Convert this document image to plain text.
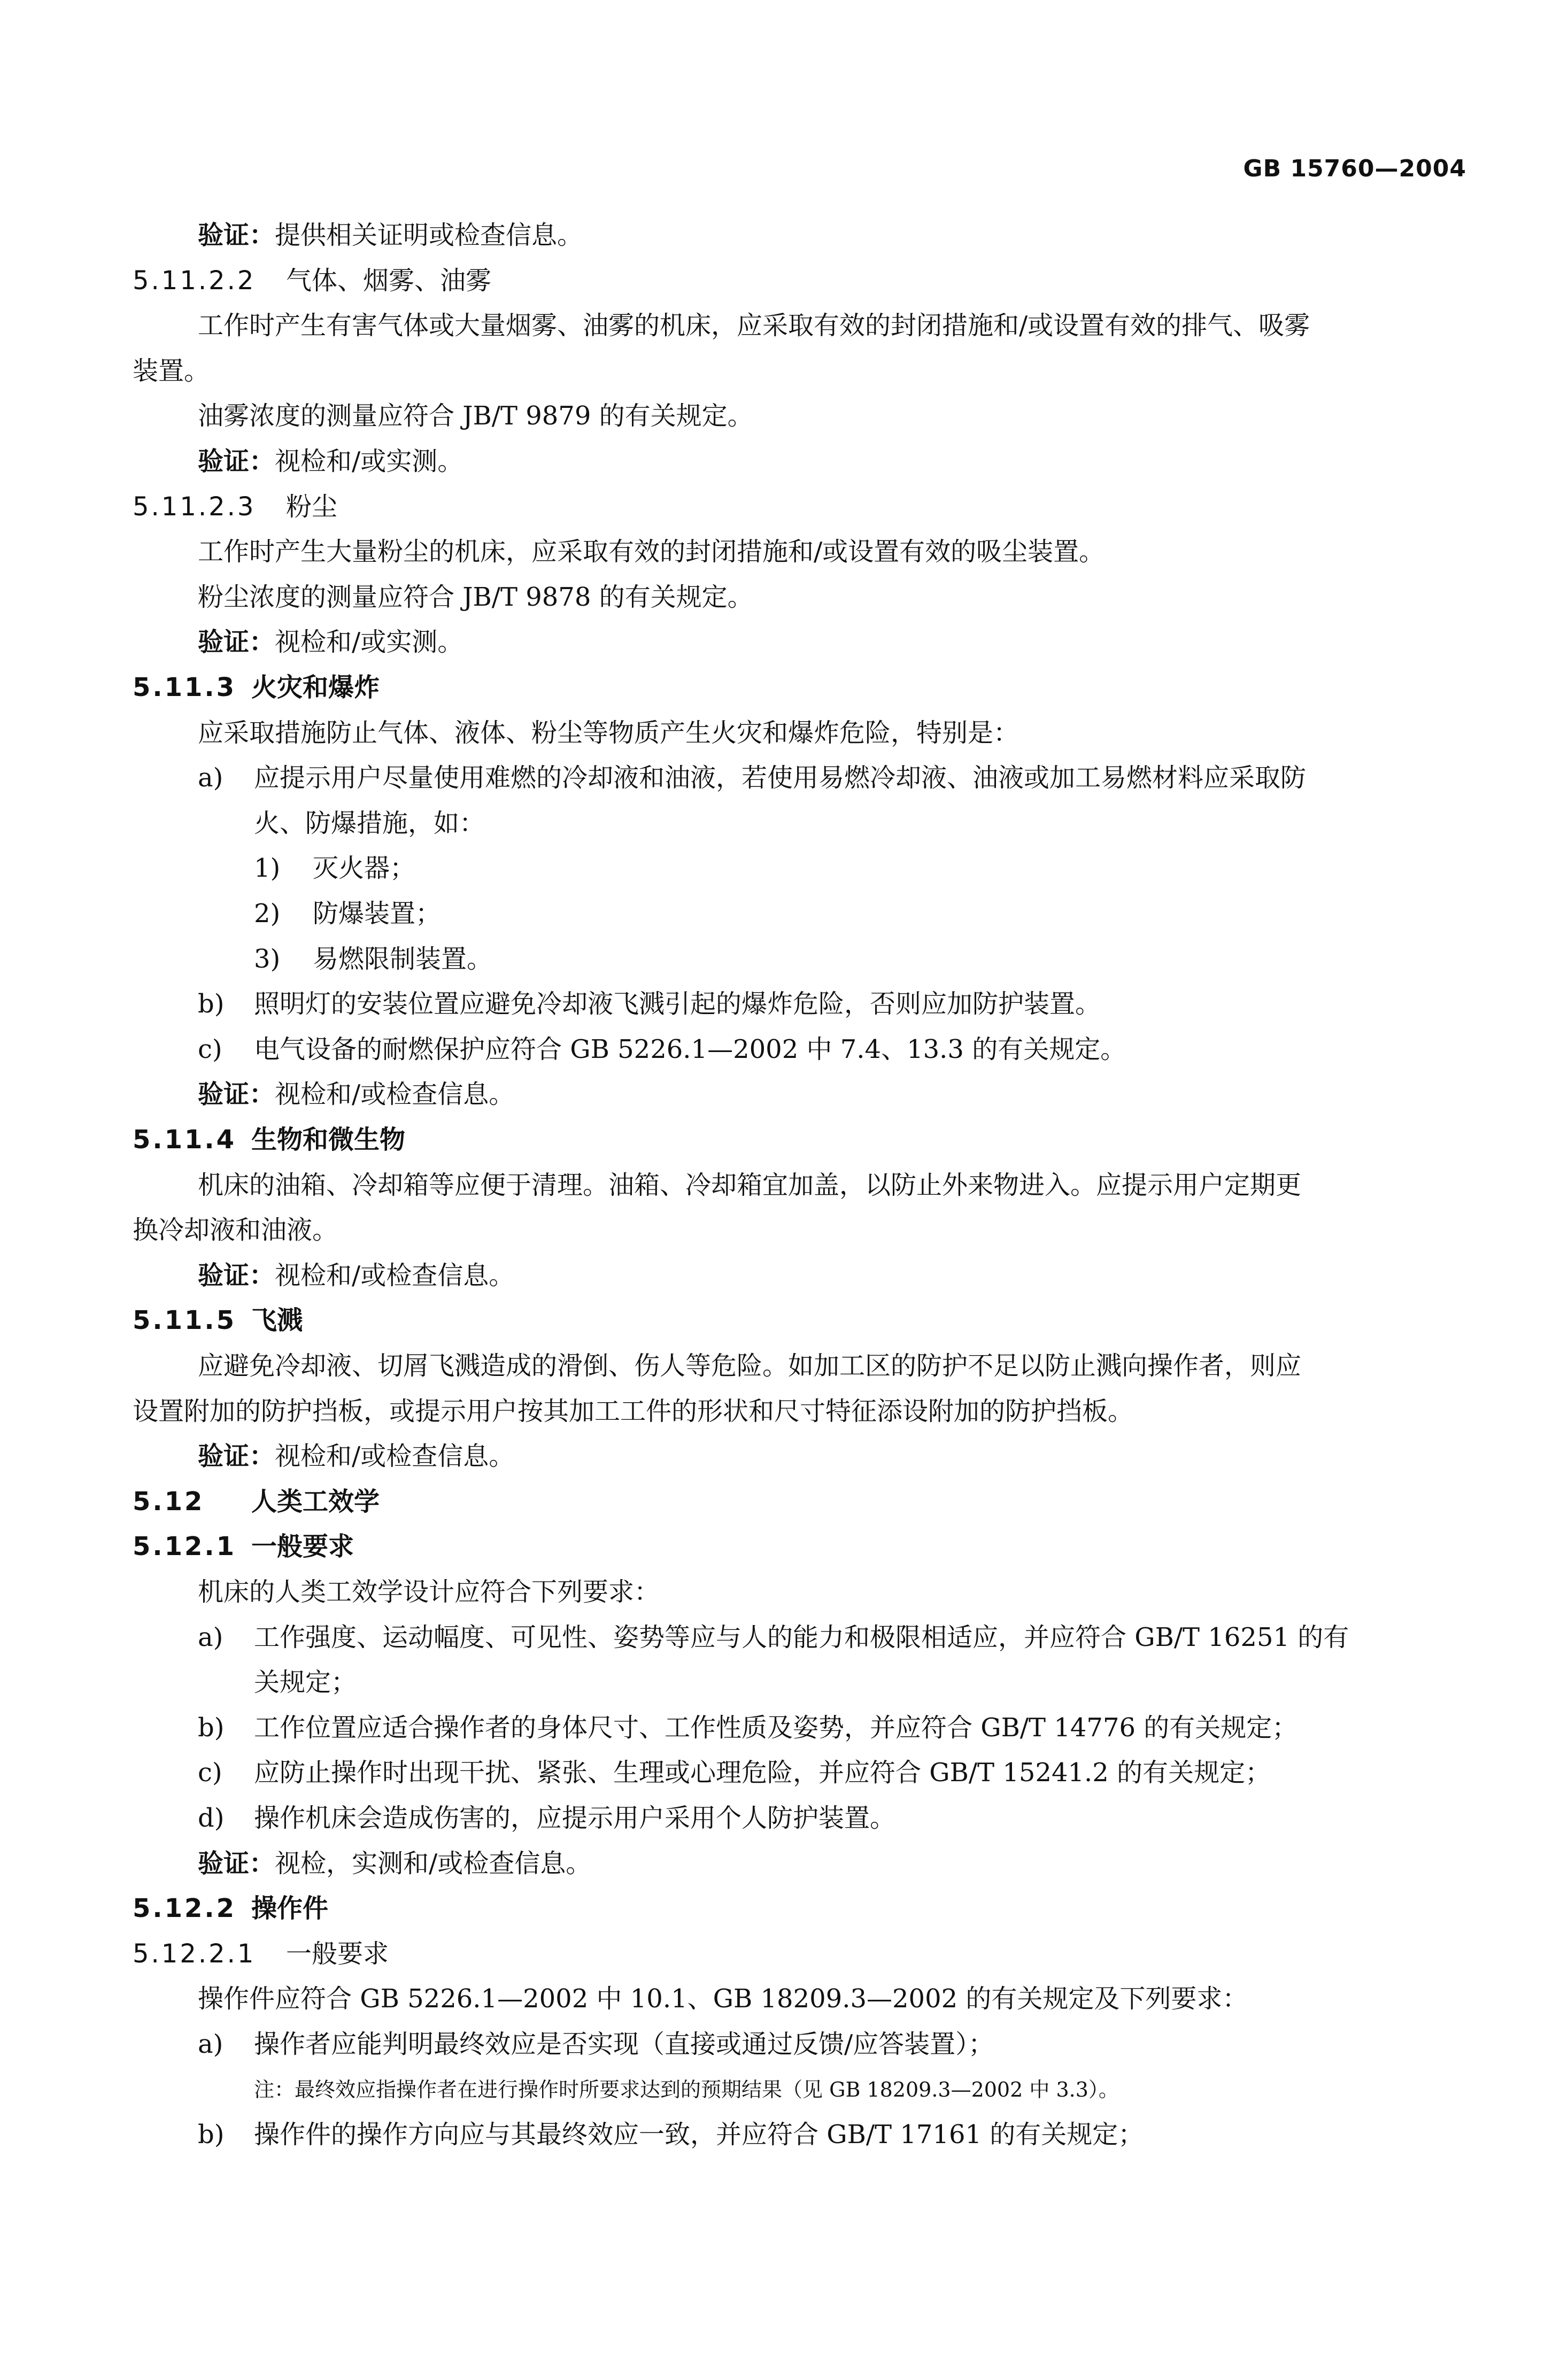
GB 15760—2004
验证：提供相关证明或检查信息。
5.11.2.2 气体、烟雾、油雾
工作时产生有害气体或大量烟雾、油雾的机床，应采取有效的封闭措施和/或设置有效的排气、吸雾
装置。
油雾浓度的测量应符合 JB/T 9879 的有关规定。
验证：视检和/或实测。
5.11.2.3 粉尘
工作时产生大量粉尘的机床，应采取有效的封闭措施和/或设置有效的吸尘装置。
粉尘浓度的测量应符合 JB/T 9878 的有关规定。
验证：视检和/或实测。
5.11.3 火灾和爆炸
应采取措施防止气体、液体、粉尘等物质产生火灾和爆炸危险，特别是：
a) 应提示用户尽量使用难燃的冷却液和油液，若使用易燃冷却液、油液或加工易燃材料应采取防
火、防爆措施，如：
1) 灭火器；
2) 防爆装置；
3) 易燃限制装置。
b) 照明灯的安装位置应避免冷却液飞溅引起的爆炸危险，否则应加防护装置。
c) 电气设备的耐燃保护应符合 GB 5226.1—2002 中 7.4、13.3 的有关规定。
验证：视检和/或检查信息。
5.11.4 生物和微生物
机床的油箱、冷却箱等应便于清理。油箱、冷却箱宜加盖，以防止外来物进入。应提示用户定期更
换冷却液和油液。
验证：视检和/或检查信息。
5.11.5 飞溅
应避免冷却液、切屑飞溅造成的滑倒、伤人等危险。如加工区的防护不足以防止溅向操作者，则应
设置附加的防护挡板，或提示用户按其加工工件的形状和尺寸特征添设附加的防护挡板。
验证：视检和/或检查信息。
5.12 人类工效学
5.12.1 一般要求
机床的人类工效学设计应符合下列要求：
a) 工作强度、运动幅度、可见性、姿势等应与人的能力和极限相适应，并应符合 GB/T 16251 的有
关规定；
b) 工作位置应适合操作者的身体尺寸、工作性质及姿势，并应符合 GB/T 14776 的有关规定；
c) 应防止操作时出现干扰、紧张、生理或心理危险，并应符合 GB/T 15241.2 的有关规定；
d) 操作机床会造成伤害的，应提示用户采用个人防护装置。
验证：视检，实测和/或检查信息。
5.12.2 操作件
5.12.2.1 一般要求
操作件应符合 GB 5226.1—2002 中 10.1、GB 18209.3—2002 的有关规定及下列要求：
a) 操作者应能判明最终效应是否实现（直接或通过反馈/应答装置）；
注：最终效应指操作者在进行操作时所要求达到的预期结果（见 GB 18209.3—2002 中 3.3）。
b) 操作件的操作方向应与其最终效应一致，并应符合 GB/T 17161 的有关规定；
